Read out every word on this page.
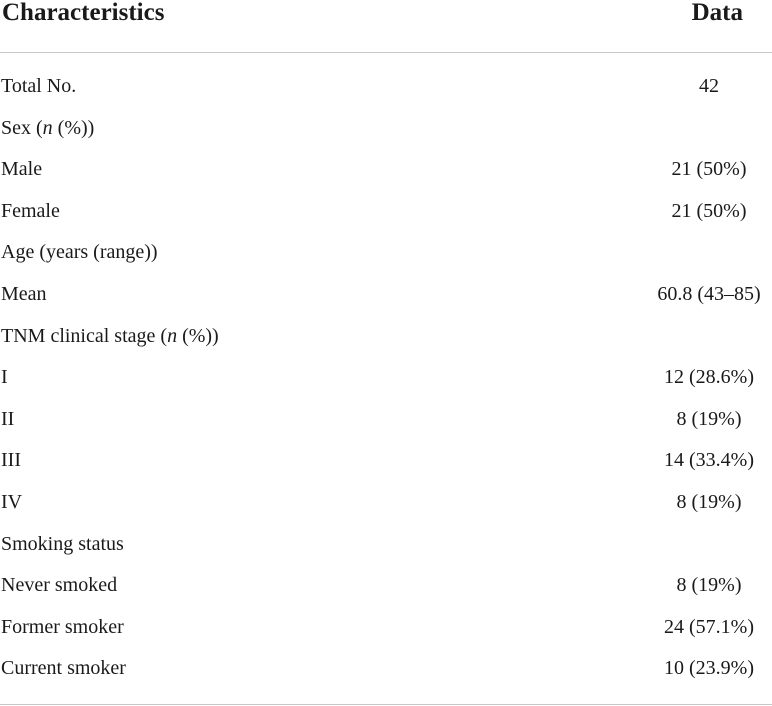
Characteristics	Data
Total No.	42
Sex (n (%))
Male	21 (50%)
Female	21 (50%)
Age (years (range))
Mean	60.8 (43–85)
TNM clinical stage (n (%))
I	12 (28.6%)
II	8 (19%)
III	14 (33.4%)
IV	8 (19%)
Smoking status
Never smoked	8 (19%)
Former smoker	24 (57.1%)
Current smoker	10 (23.9%)
